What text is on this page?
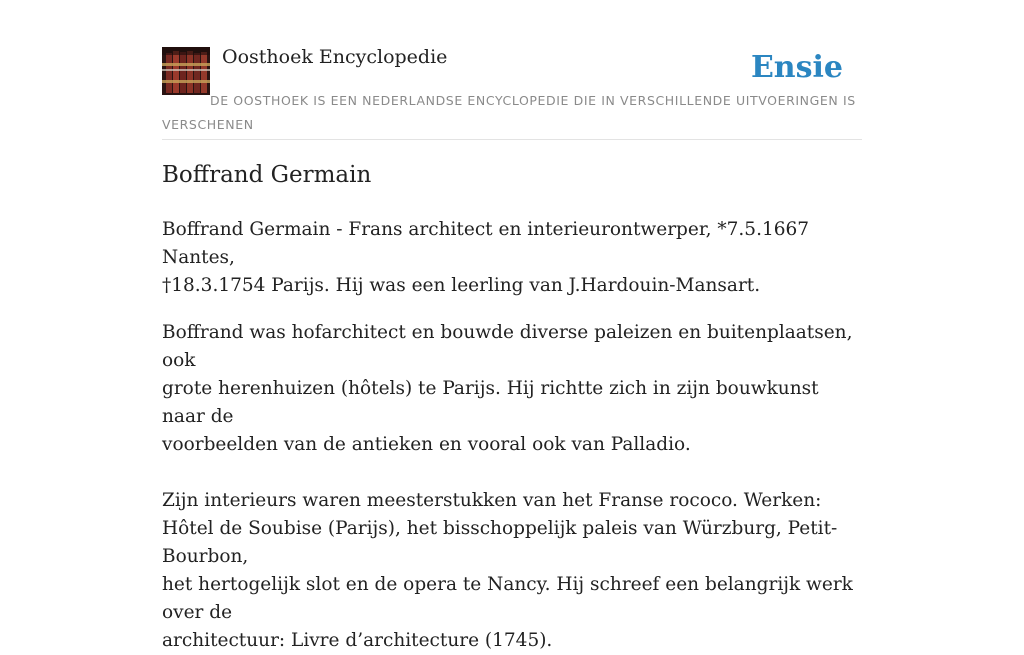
Oosthoek Encyclopedie	Ensie
DE OOSTHOEK IS EEN NEDERLANDSE ENCYCLOPEDIE DIE IN VERSCHILLENDE UITVOERINGEN IS VERSCHENEN
Boffrand Germain

Boffrand Germain - Frans architect en interieurontwerper, *7.5.1667 Nantes,
†18.3.1754 Parijs. Hij was een leerling van J.Hardouin-Mansart.

Boffrand was hofarchitect en bouwde diverse paleizen en buitenplaatsen, ook
grote herenhuizen (hôtels) te Parijs. Hij richtte zich in zijn bouwkunst naar de
voorbeelden van de antieken en vooral ook van Palladio.

Zijn interieurs waren meesterstukken van het Franse rococo. Werken:
Hôtel de Soubise (Parijs), het bisschoppelijk paleis van Würzburg, Petit-Bourbon,
het hertogelijk slot en de opera te Nancy. Hij schreef een belangrijk werk over de
architectuur: Livre d’architecture (1745).
